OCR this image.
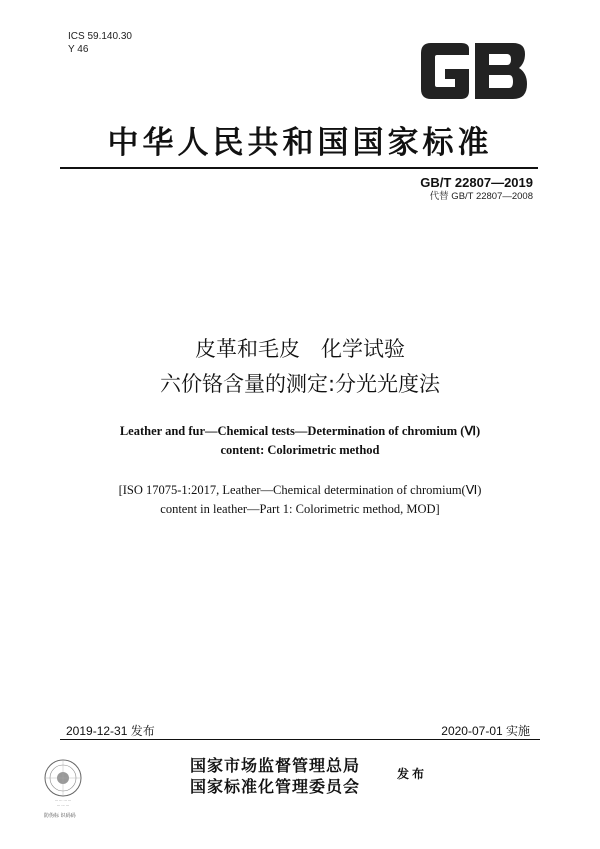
ICS 59.140.30
Y 46
中华人民共和国国家标准
GB/T 22807—2019
代替 GB/T 22807—2008
皮革和毛皮　化学试验
六价铬含量的测定:分光光度法
Leather and fur—Chemical tests—Determination of chromium (Ⅵ)
content: Colorimetric method
[ISO 17075-1:2017, Leather—Chemical determination of chromium(Ⅵ)
content in leather—Part 1: Colorimetric method, MOD]
2019-12-31 发布	2020-07-01 实施
··· ··· ··· ···
··· ··· ···
防伪标 识码码
国家市场监督管理总局
国家标准化管理委员会
发布
